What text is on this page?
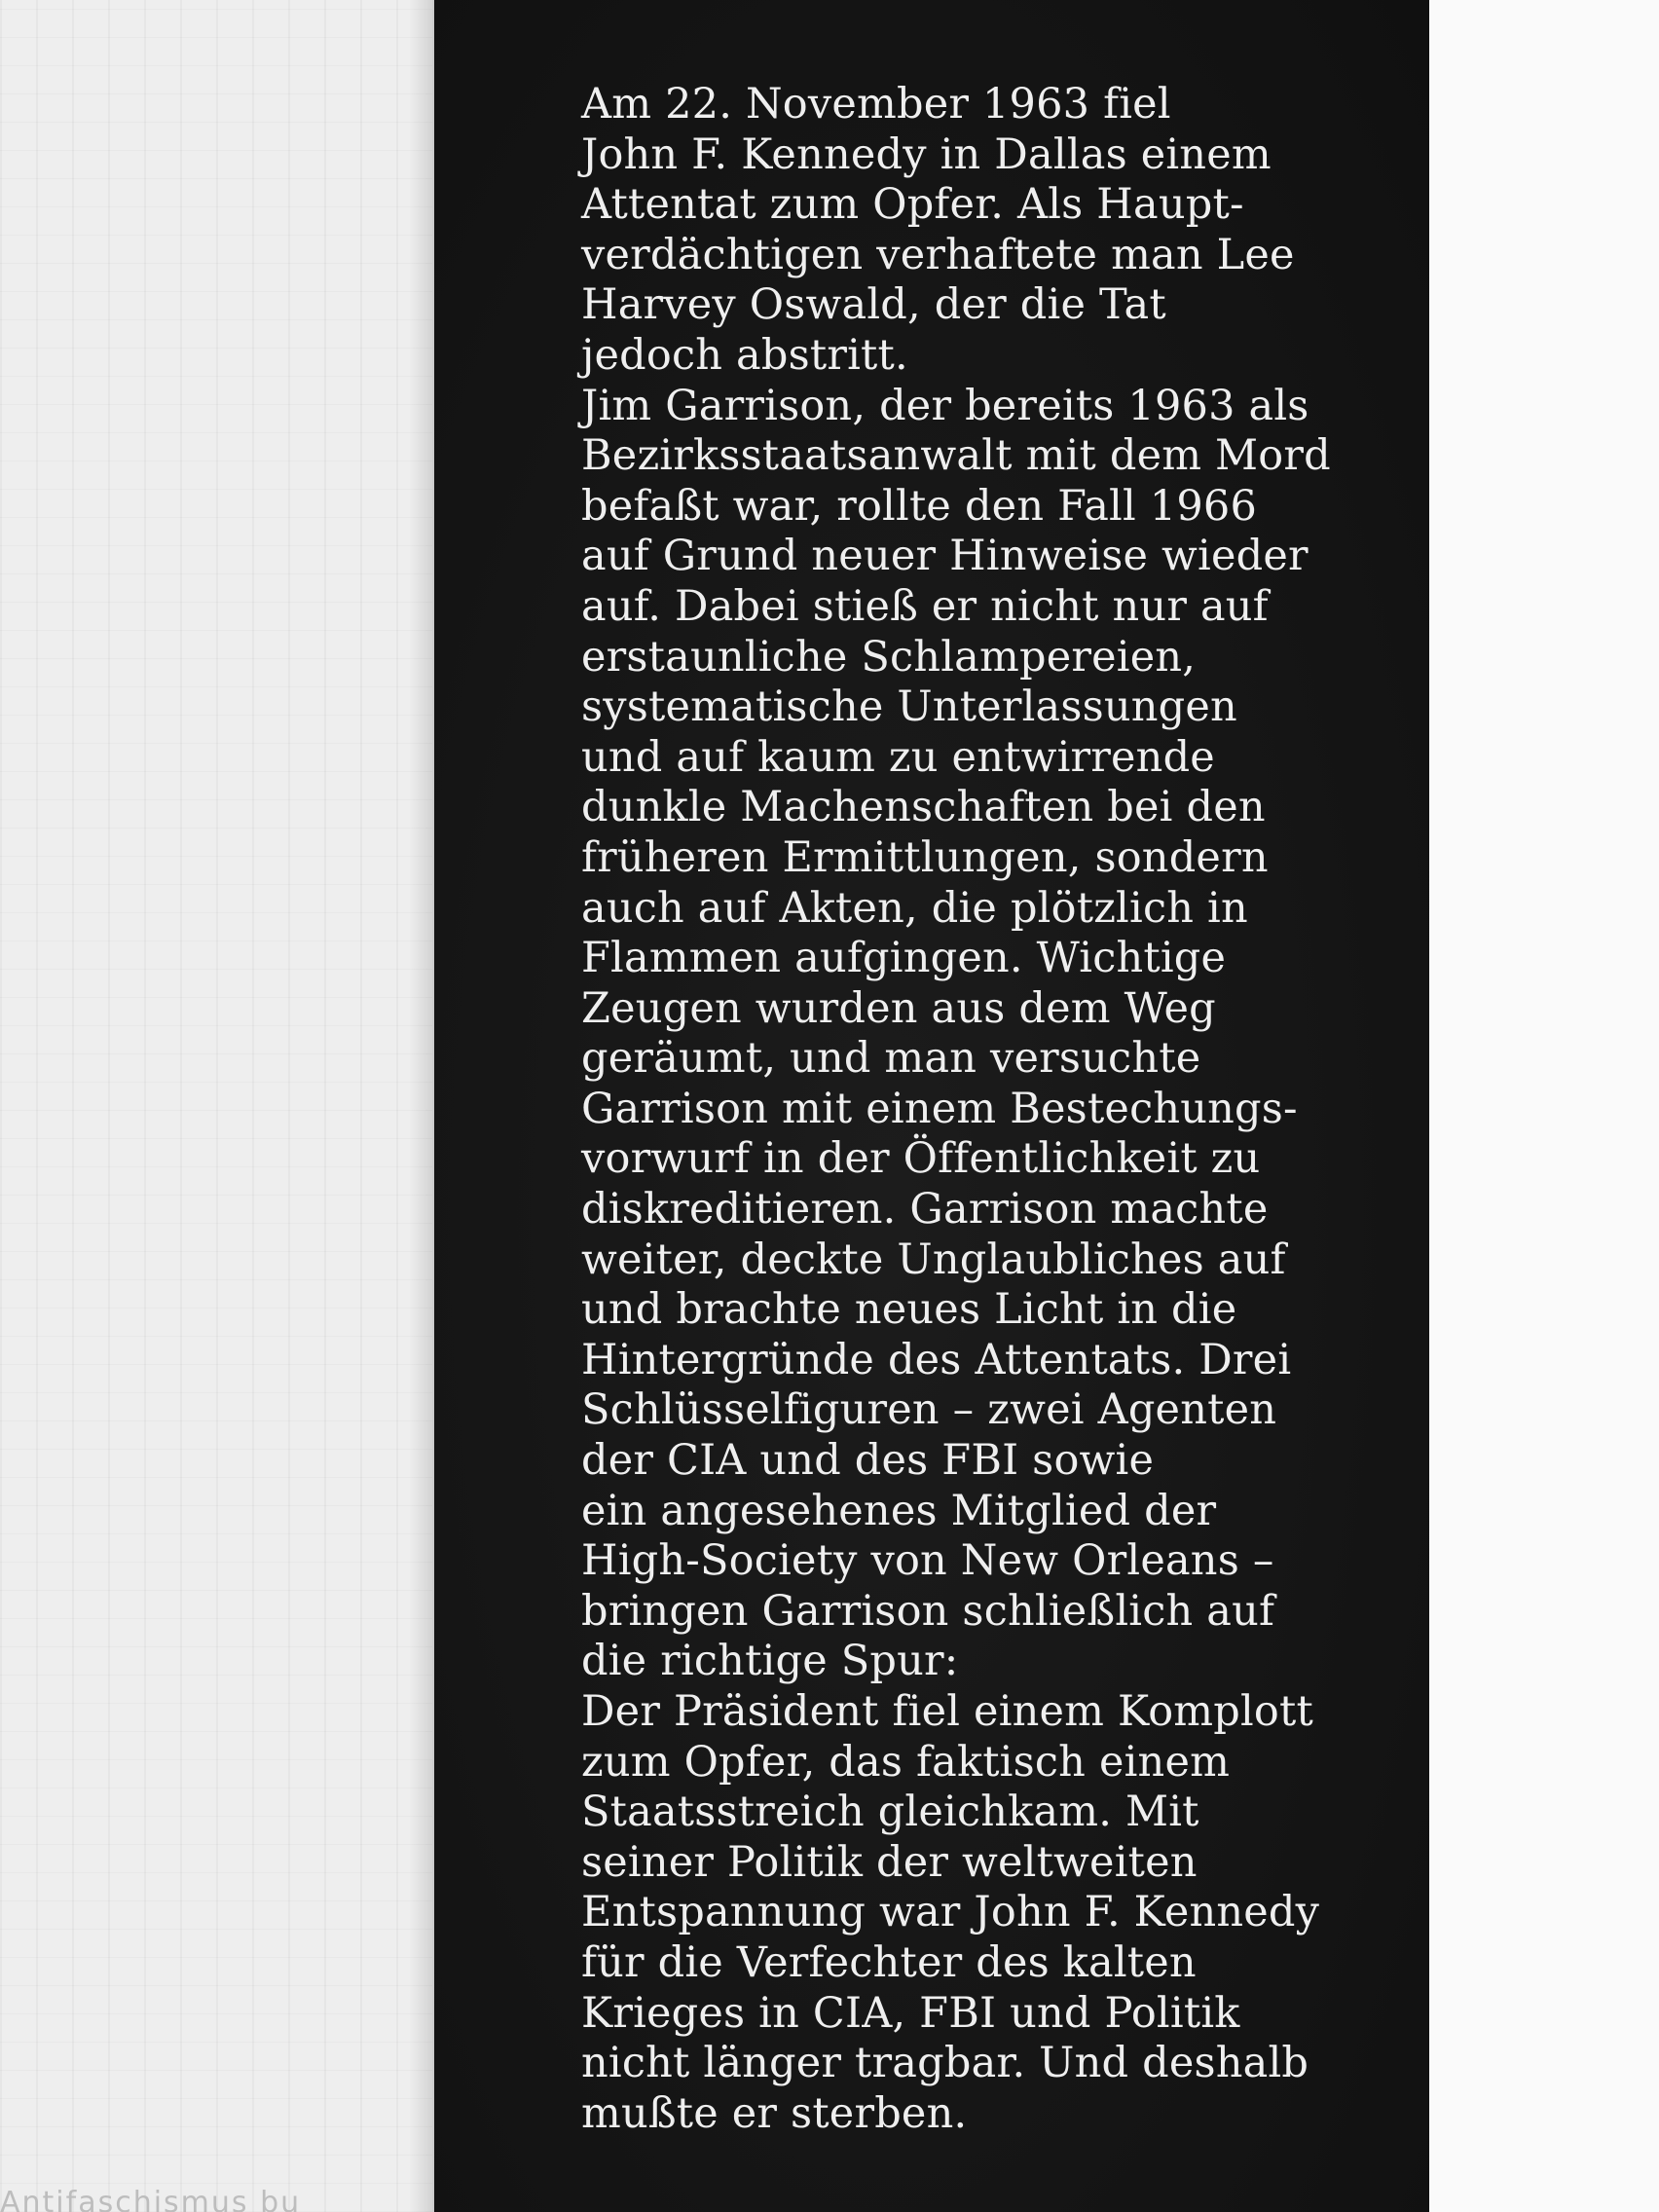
Am 22. November 1963 fiel
John F. Kennedy in Dallas einem
Attentat zum Opfer. Als Haupt-
verdächtigen verhaftete man Lee
Harvey Oswald, der die Tat
jedoch abstritt.
Jim Garrison, der bereits 1963 als
Bezirksstaatsanwalt mit dem Mord
befaßt war, rollte den Fall 1966
auf Grund neuer Hinweise wieder
auf. Dabei stieß er nicht nur auf
erstaunliche Schlampereien,
systematische Unterlassungen
und auf kaum zu entwirrende
dunkle Machenschaften bei den
früheren Ermittlungen, sondern
auch auf Akten, die plötzlich in
Flammen aufgingen. Wichtige
Zeugen wurden aus dem Weg
geräumt, und man versuchte
Garrison mit einem Bestechungs-
vorwurf in der Öffentlichkeit zu
diskreditieren. Garrison machte
weiter, deckte Unglaubliches auf
und brachte neues Licht in die
Hintergründe des Attentats. Drei
Schlüsselfiguren – zwei Agenten
der CIA und des FBI sowie
ein angesehenes Mitglied der
High-Society von New Orleans –
bringen Garrison schließlich auf
die richtige Spur:
Der Präsident fiel einem Komplott
zum Opfer, das faktisch einem
Staatsstreich gleichkam. Mit
seiner Politik der weltweiten
Entspannung war John F. Kennedy
für die Verfechter des kalten
Krieges in CIA, FBI und Politik
nicht länger tragbar. Und deshalb
mußte er sterben.
Antifaschismus bu
